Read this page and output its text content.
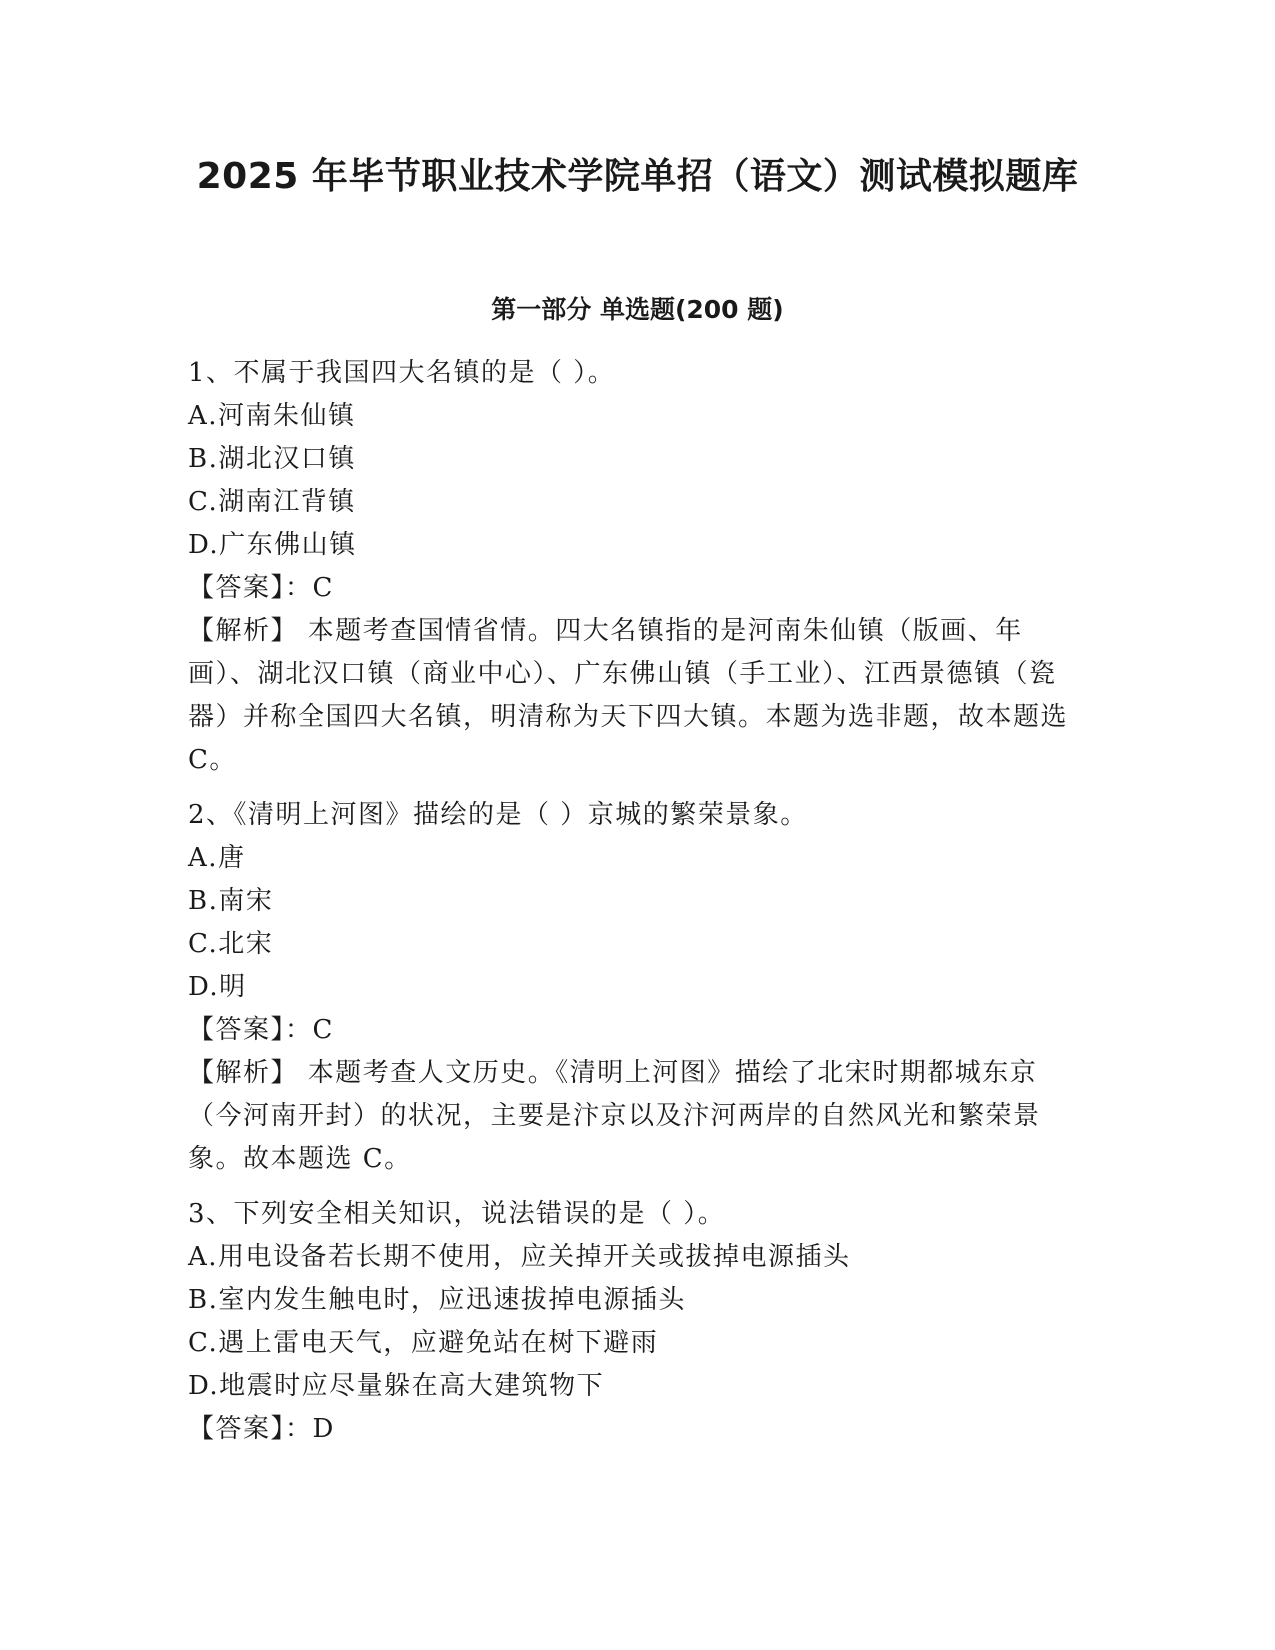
2025 年毕节职业技术学院单招（语文）测试模拟题库
第一部分 单选题(200 题)
1、不属于我国四大名镇的是（ ）。
A.河南朱仙镇
B.湖北汉口镇
C.湖南江背镇
D.广东佛山镇
【答案】：C
【解析】 本题考查国情省情。四大名镇指的是河南朱仙镇（版画、年画）、湖北汉口镇（商业中心）、广东佛山镇（手工业）、江西景德镇（瓷器）并称全国四大名镇，明清称为天下四大镇。本题为选非题，故本题选 C。
2、《清明上河图》描绘的是（ ）京城的繁荣景象。
A.唐
B.南宋
C.北宋
D.明
【答案】：C
【解析】 本题考查人文历史。《清明上河图》描绘了北宋时期都城东京（今河南开封）的状况，主要是汴京以及汴河两岸的自然风光和繁荣景象。故本题选 C。
3、下列安全相关知识，说法错误的是（ ）。
A.用电设备若长期不使用，应关掉开关或拔掉电源插头
B.室内发生触电时，应迅速拔掉电源插头
C.遇上雷电天气，应避免站在树下避雨
D.地震时应尽量躲在高大建筑物下
【答案】：D
